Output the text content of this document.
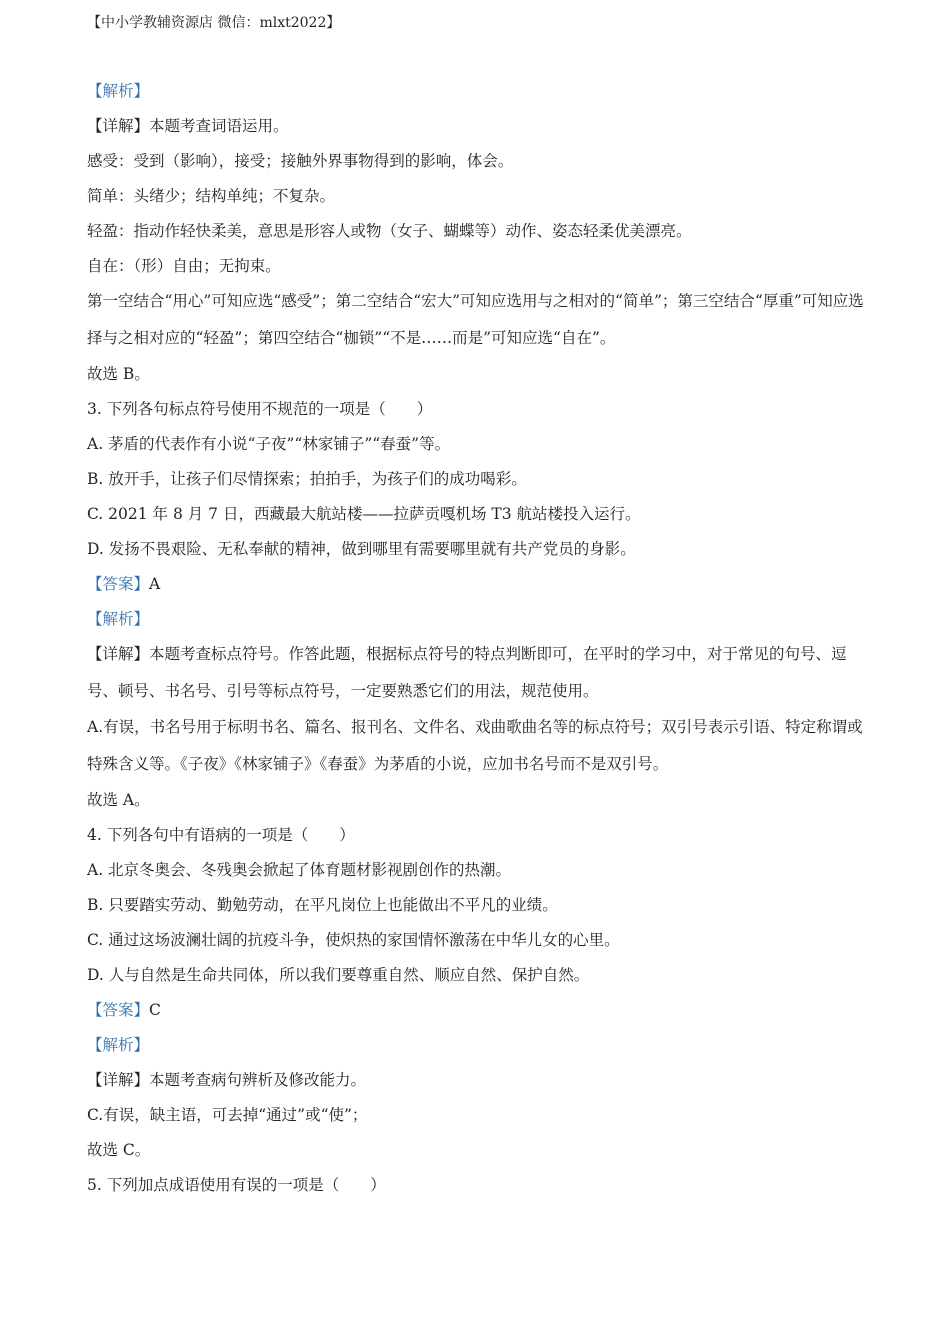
【中小学教辅资源店 微信：mlxt2022】
【解析】
【详解】本题考查词语运用。
感受：受到（影响），接受；接触外界事物得到的影响，体会。
简单：头绪少；结构单纯；不复杂。
轻盈：指动作轻快柔美，意思是形容人或物（女子、蝴蝶等）动作、姿态轻柔优美漂亮。
自在：（形）自由；无拘束。
第一空结合“用心”可知应选“感受”；第二空结合“宏大”可知应选用与之相对的“简单”；第三空结合“厚重”可知应选择与之相对应的“轻盈”；第四空结合“枷锁”“不是……而是”可知应选“自在”。
故选 B。
3. 下列各句标点符号使用不规范的一项是（　　）
A. 茅盾的代表作有小说“子夜”“林家铺子”“春蚕”等。
B. 放开手，让孩子们尽情探索；拍拍手，为孩子们的成功喝彩。
C. 2021 年 8 月 7 日，西藏最大航站楼——拉萨贡嘎机场 T3 航站楼投入运行。
D. 发扬不畏艰险、无私奉献的精神，做到哪里有需要哪里就有共产党员的身影。
【答案】A
【解析】
【详解】本题考查标点符号。作答此题，根据标点符号的特点判断即可，在平时的学习中，对于常见的句号、逗号、顿号、书名号、引号等标点符号，一定要熟悉它们的用法，规范使用。
A.有误，书名号用于标明书名、篇名、报刊名、文件名、戏曲歌曲名等的标点符号；双引号表示引语、特定称谓或特殊含义等。《子夜》《林家铺子》《春蚕》为茅盾的小说，应加书名号而不是双引号。
故选 A。
4. 下列各句中有语病的一项是（　　）
A. 北京冬奥会、冬残奥会掀起了体育题材影视剧创作的热潮。
B. 只要踏实劳动、勤勉劳动，在平凡岗位上也能做出不平凡的业绩。
C. 通过这场波澜壮阔的抗疫斗争，使炽热的家国情怀激荡在中华儿女的心里。
D. 人与自然是生命共同体，所以我们要尊重自然、顺应自然、保护自然。
【答案】C
【解析】
【详解】本题考查病句辨析及修改能力。
C.有误，缺主语，可去掉“通过”或“使”；
故选 C。
5. 下列加点成语使用有误的一项是（　　）
